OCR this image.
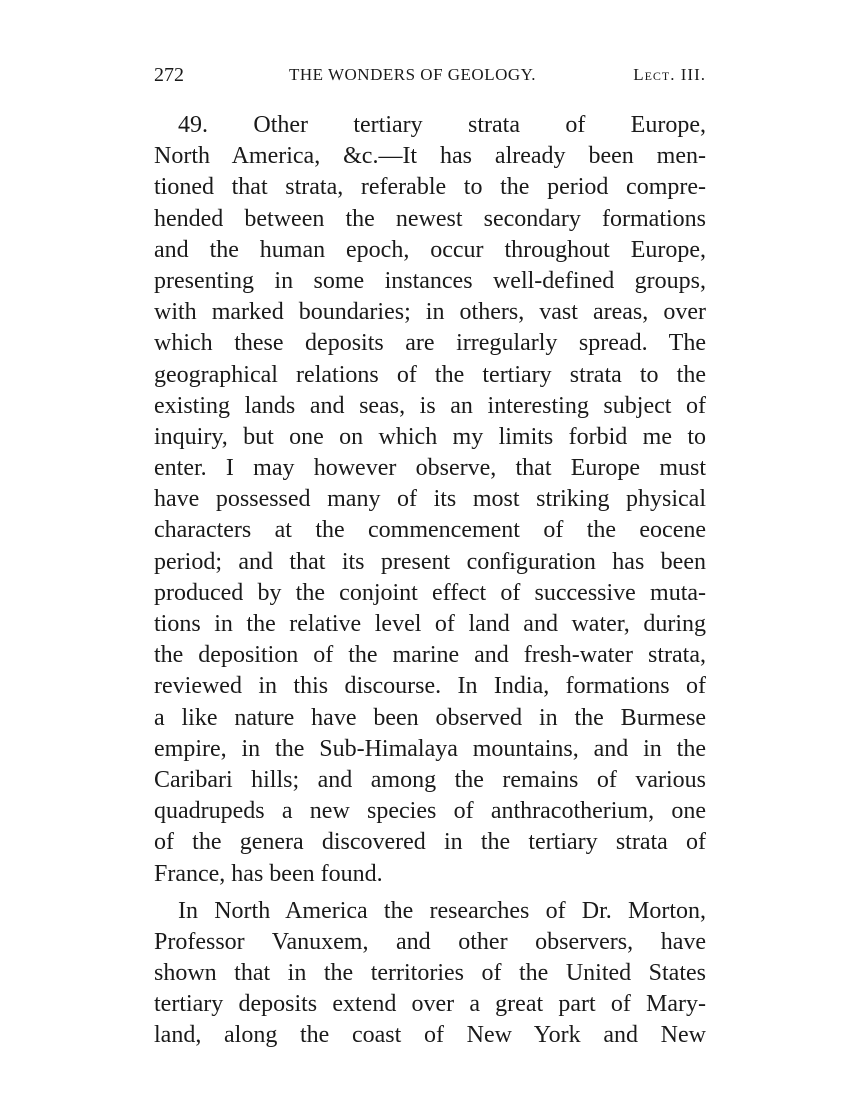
272	THE WONDERS OF GEOLOGY.	Lect. III.
49. Other tertiary strata of Europe,
North America, &c.—It has already been men-
tioned that strata, referable to the period compre-
hended between the newest secondary formations
and the human epoch, occur throughout Europe,
presenting in some instances well-defined groups,
with marked boundaries; in others, vast areas, over
which these deposits are irregularly spread. The
geographical relations of the tertiary strata to the
existing lands and seas, is an interesting subject of
inquiry, but one on which my limits forbid me to
enter. I may however observe, that Europe must
have possessed many of its most striking physical
characters at the commencement of the eocene
period; and that its present configuration has been
produced by the conjoint effect of successive muta-
tions in the relative level of land and water, during
the deposition of the marine and fresh-water strata,
reviewed in this discourse. In India, formations of
a like nature have been observed in the Burmese
empire, in the Sub-Himalaya mountains, and in the
Caribari hills; and among the remains of various
quadrupeds a new species of anthracotherium, one
of the genera discovered in the tertiary strata of
France, has been found.
In North America the researches of Dr. Morton,
Professor Vanuxem, and other observers, have
shown that in the territories of the United States
tertiary deposits extend over a great part of Mary-
land, along the coast of New York and New
